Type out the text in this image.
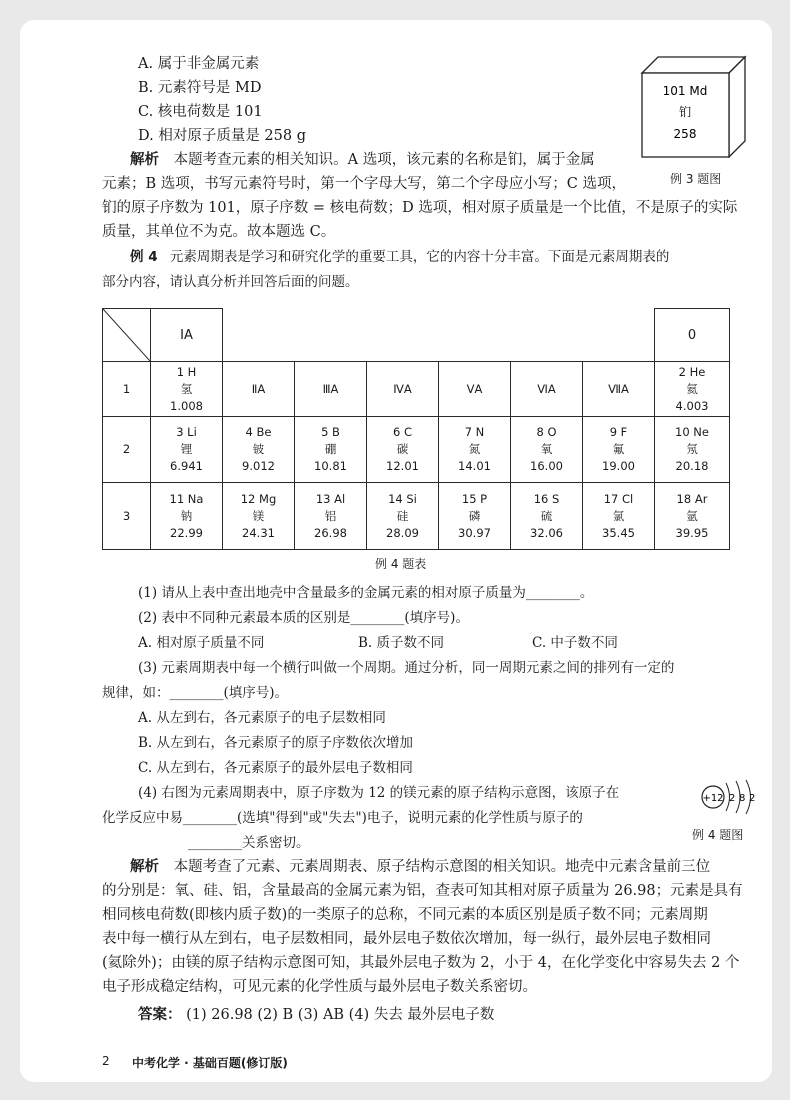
A. 属于非金属元素
B. 元素符号是 MD
C. 核电荷数是 101
D. 相对原子质量是 258 g
101 Md
钔
258
例 3 题图
解析 本题考查元素的相关知识。A 选项，该元素的名称是钔，属于金属
元素；B 选项，书写元素符号时，第一个字母大写，第二个字母应小写；C 选项，
钔的原子序数为 101，原子序数 = 核电荷数；D 选项，相对原子质量是一个比值，不是原子的实际
质量，其单位不为克。故本题选 C。
例 4 元素周期表是学习和研究化学的重要工具，它的内容十分丰富。下面是元素周期表的
部分内容，请认真分析并回答后面的问题。
	ⅠA							0
1	1 H
氢
1.008	ⅡA	ⅢA	ⅣA	ⅤA	ⅥA	ⅦA	2 He
氦
4.003

2	3 Li
锂
6.941	4 Be
铍
9.012	5 B
硼
10.81	6 C
碳
12.01	7 N
氮
14.01	8 O
氧
16.00	9 F
氟
19.00	10 Ne
氖
20.18

3	11 Na
钠
22.99	12 Mg
镁
24.31	13 Al
铝
26.98	14 Si
硅
28.09	15 P
磷
30.97	16 S
硫
32.06	17 Cl
氯
35.45	18 Ar
氩
39.95
例 4 题表
(1) 请从上表中查出地壳中含量最多的金属元素的相对原子质量为________。
(2) 表中不同种元素最本质的区别是________(填序号)。
A. 相对原子质量不同	B. 质子数不同	C. 中子数不同
(3) 元素周期表中每一个横行叫做一个周期。通过分析，同一周期元素之间的排列有一定的
规律，如：________(填序号)。
A. 从左到右，各元素原子的电子层数相同
B. 从左到右，各元素原子的原子序数依次增加
C. 从左到右，各元素原子的最外层电子数相同
(4) 右图为元素周期表中，原子序数为 12 的镁元素的原子结构示意图，该原子在
化学反应中易________(选填"得到"或"失去")电子，说明元素的化学性质与原子的
________关系密切。
+12 2 8 2
例 4 题图
解析 本题考查了元素、元素周期表、原子结构示意图的相关知识。地壳中元素含量前三位
的分别是：氧、硅、铝，含量最高的金属元素为铝，查表可知其相对原子质量为 26.98；元素是具有
相同核电荷数(即核内质子数)的一类原子的总称，不同元素的本质区别是质子数不同；元素周期
表中每一横行从左到右，电子层数相同，最外层电子数依次增加，每一纵行，最外层电子数相同
(氦除外)；由镁的原子结构示意图可知，其最外层电子数为 2，小于 4，在化学变化中容易失去 2 个
电子形成稳定结构，可见元素的化学性质与最外层电子数关系密切。
答案： (1) 26.98 (2) B (3) AB (4) 失去 最外层电子数
2 中考化学 · 基础百题(修订版)
